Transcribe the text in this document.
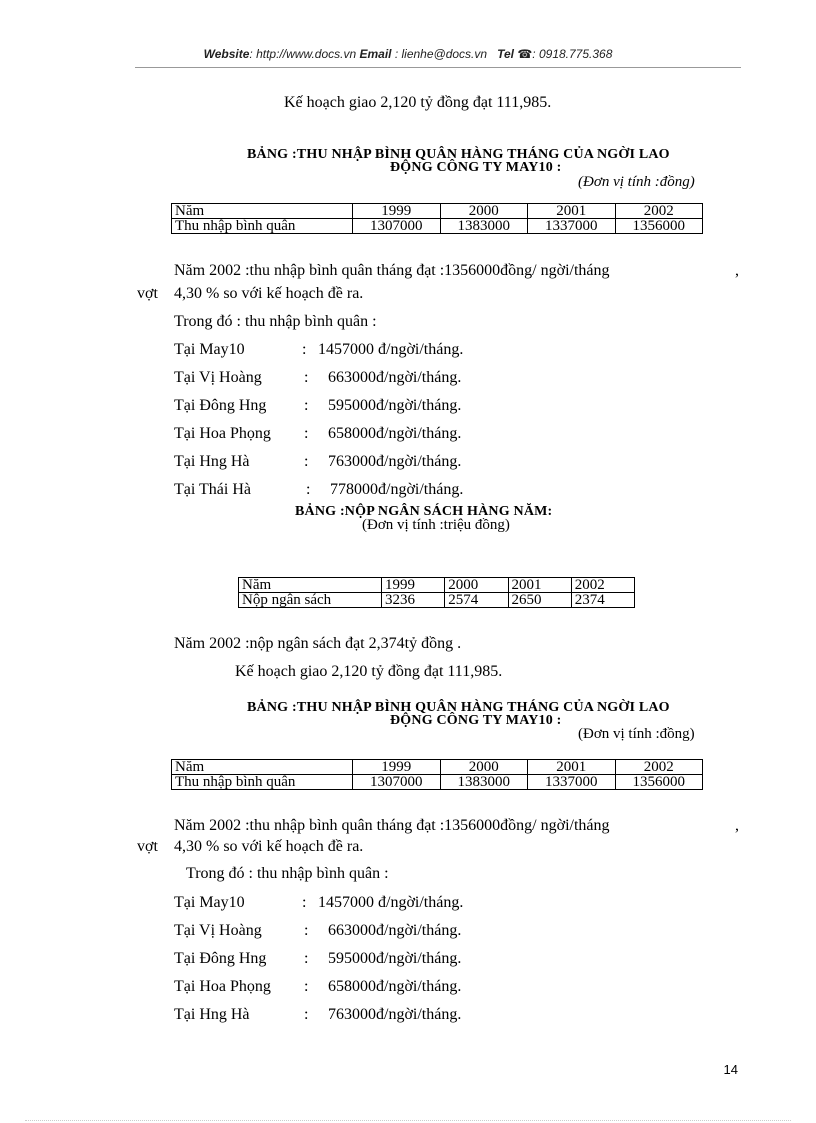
Website: http://www.docs.vn Email : lienhe@docs.vn Tel ☎: 0918.775.368
Kế hoạch giao 2,120 tỷ đồng đạt 111,985.
BẢNG :THU NHẬP BÌNH QUÂN HÀNG THÁNG CỦA NGỜI LAO
ĐỘNG CÔNG TY MAY10 :
(Đơn vị tính :đồng)
Năm	1999	2000	2001	2002
Thu nhập bình quân	1307000	1383000	1337000	1356000
Năm 2002 :thu nhập bình quân tháng đạt :1356000đồng/ ngời/tháng	,
vợt 4,30 % so với kế hoạch đề ra.
Trong đó : thu nhập bình quân :
Tại May10	: 1457000 đ/ngời/tháng.
Tại Vị Hoàng	: 663000đ/ngời/tháng.
Tại Đông Hng : 595000đ/ngời/tháng.
Tại Hoa Phọng : 658000đ/ngời/tháng.
Tại Hng Hà	: 763000đ/ngời/tháng.
Tại Thái Hà	: 778000đ/ngời/tháng.
BẢNG :NỘP NGÂN SÁCH HÀNG NĂM:
(Đơn vị tính :triệu đồng)
Năm	1999	2000	2001	2002
Nộp ngân sách	3236	2574	2650	2374
Năm 2002 :nộp ngân sách đạt 2,374tỷ đồng .
Kế hoạch giao 2,120 tỷ đồng đạt 111,985.
BẢNG :THU NHẬP BÌNH QUÂN HÀNG THÁNG CỦA NGỜI LAO
ĐỘNG CÔNG TY MAY10 :
(Đơn vị tính :đồng)
Năm	1999	2000	2001	2002
Thu nhập bình quân	1307000	1383000	1337000	1356000
Năm 2002 :thu nhập bình quân tháng đạt :1356000đồng/ ngời/tháng	,
vợt 4,30 % so với kế hoạch đề ra.
Trong đó : thu nhập bình quân :
Tại May10	: 1457000 đ/ngời/tháng.
Tại Vị Hoàng	: 663000đ/ngời/tháng.
Tại Đông Hng : 595000đ/ngời/tháng.
Tại Hoa Phọng : 658000đ/ngời/tháng.
Tại Hng Hà	: 763000đ/ngời/tháng.
14
